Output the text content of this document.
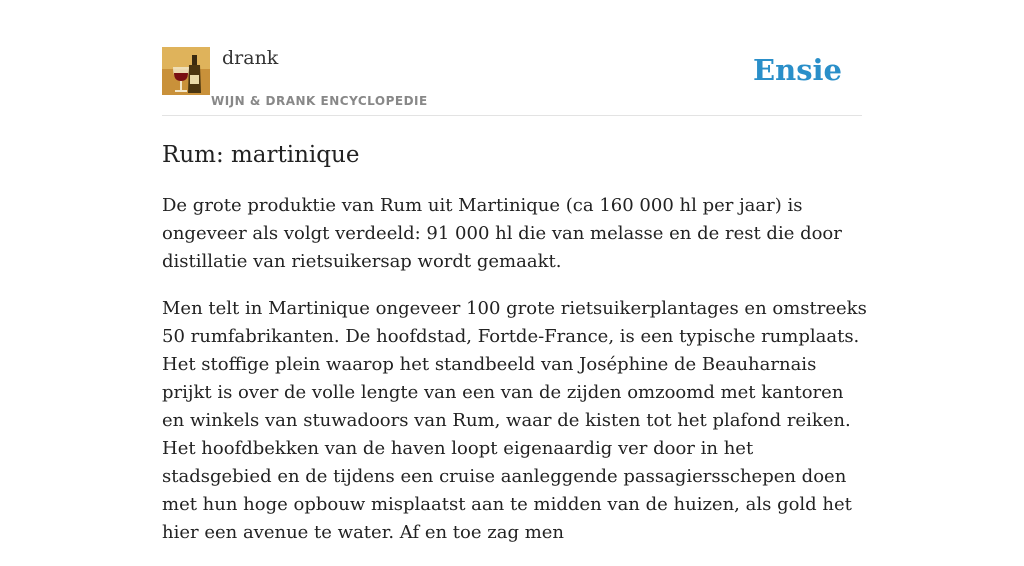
drank
WIJN & DRANK ENCYCLOPEDIE
Ensie
Rum: martinique

De grote produktie van Rum uit Martinique (ca 160 000 hl per jaar) is ongeveer als volgt verdeeld: 91 000 hl die van melasse en de rest die door distillatie van rietsuikersap wordt gemaakt.

Men telt in Martinique ongeveer 100 grote rietsuikerplantages en omstreeks 50 rumfabrikanten. De hoofdstad, Fortde-France, is een typische rumplaats. Het stoffige plein waarop het standbeeld van Joséphine de Beauharnais prijkt is over de volle lengte van een van de zijden omzoomd met kantoren en winkels van stuwadoors van Rum, waar de kisten tot het plafond reiken. Het hoofdbekken van de haven loopt eigenaardig ver door in het stadsgebied en de tijdens een cruise aanleggende passagiersschepen doen met hun hoge opbouw misplaatst aan te midden van de huizen, als gold het hier een avenue te water. Af en toe zag men
